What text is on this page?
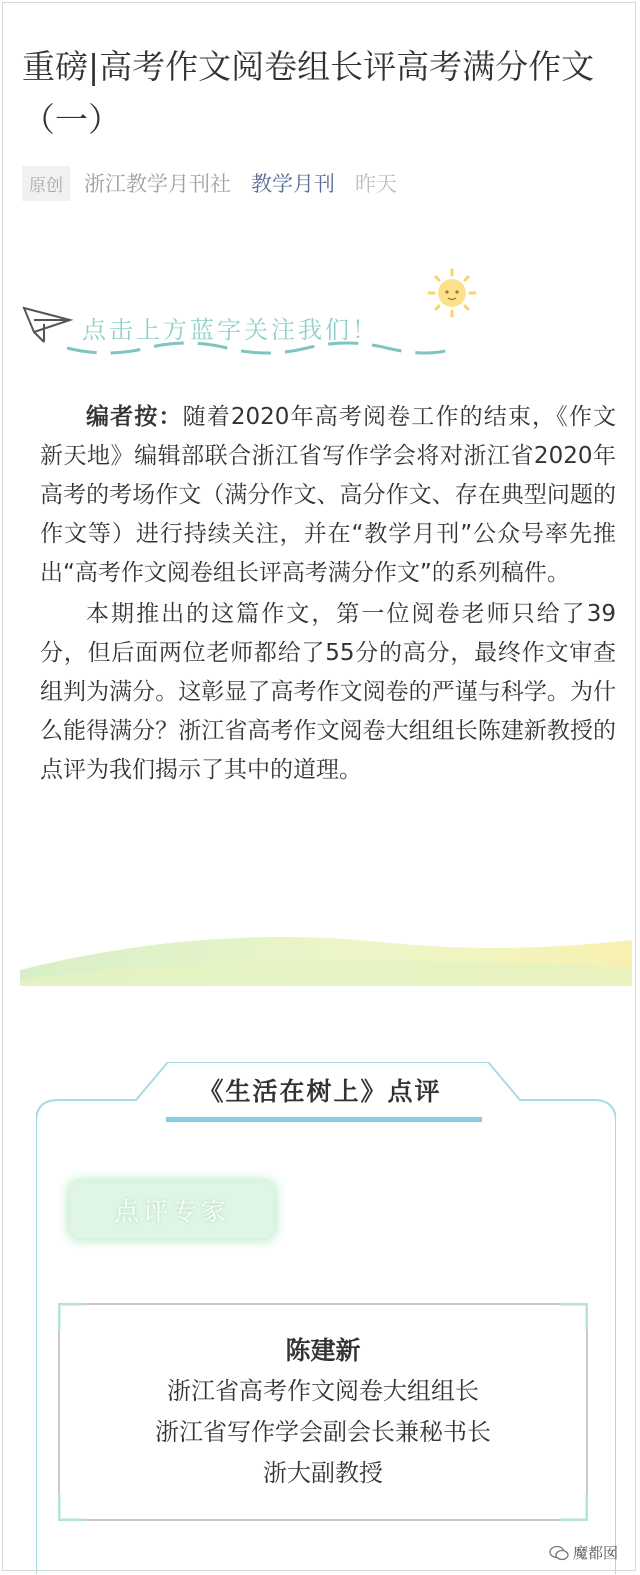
重磅|高考作文阅卷组长评高考满分作文（一）
原创	浙江教学月刊社 教学月刊 昨天
点击上方蓝字关注我们！

编者按：随着2020年高考阅卷工作的结束，《作文新天地》编辑部联合浙江省写作学会将对浙江省2020年高考的考场作文（满分作文、高分作文、存在典型问题的作文等）进行持续关注，并在“教学月刊”公众号率先推出“高考作文阅卷组长评高考满分作文”的系列稿件。

本期推出的这篇作文，第一位阅卷老师只给了39分，但后面两位老师都给了55分的高分，最终作文审查组判为满分。这彰显了高考作文阅卷的严谨与科学。为什么能得满分？浙江省高考作文阅卷大组组长陈建新教授的点评为我们揭示了其中的道理。

《生活在树上》点评
点评专家
陈建新
浙江省高考作文阅卷大组组长
浙江省写作学会副会长兼秘书长
浙大副教授
魔都囡
